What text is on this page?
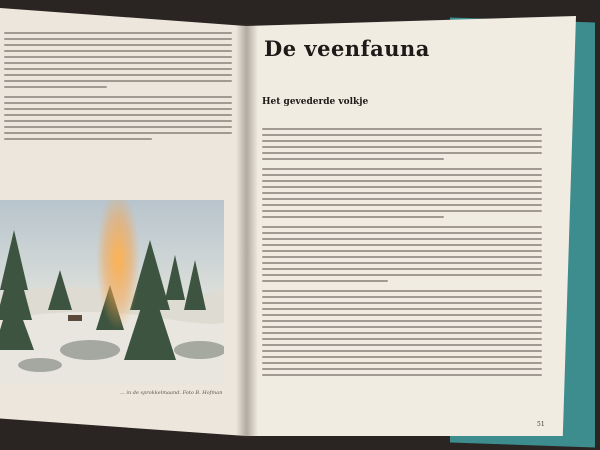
... in de sprokkelmaand. Foto B. Hofman
De veenfauna
Het gevederde volkje
51
